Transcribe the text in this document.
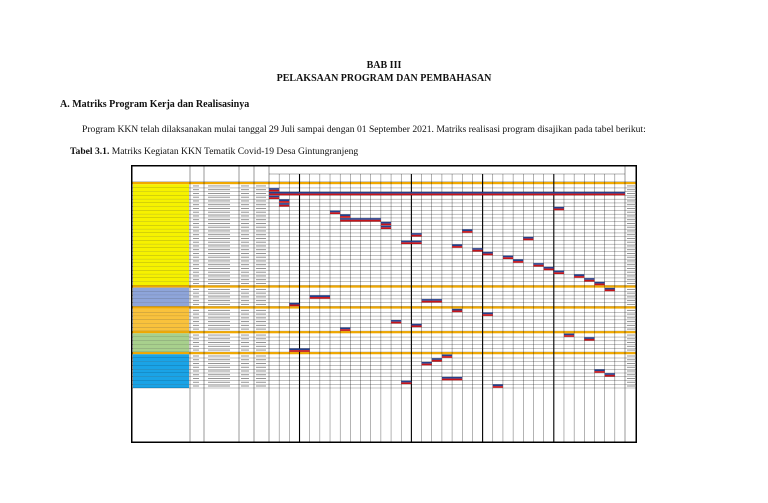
BAB III
PELAKSAAN PROGRAM DAN PEMBAHASAN
A. Matriks Program Kerja dan Realisasinya
Program KKN telah dilaksanakan mulai tanggal 29 Juli sampai dengan 01 September 2021. Matriks realisasi program disajikan pada tabel berikut:
Tabel 3.1. Matriks Kegiatan KKN Tematik Covid-19 Desa Gintungranjeng
